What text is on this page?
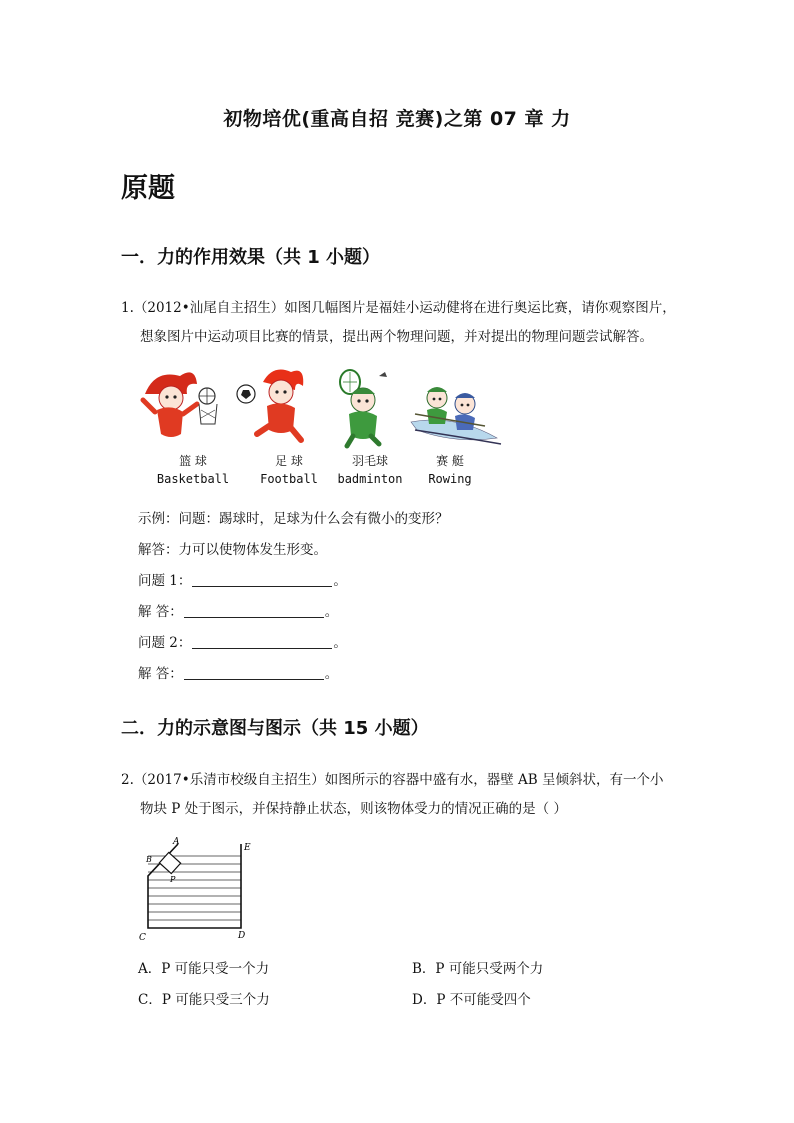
初物培优(重高自招 竞赛)之第 07 章 力
原题
一．力的作用效果（共 1 小题）
1.（2012•汕尾自主招生）如图几幅图片是福娃小运动健将在进行奥运比赛，请你观察图片，
想象图片中运动项目比赛的情景，提出两个物理问题，并对提出的物理问题尝试解答。
篮 球
Basketball
足 球
Football
羽毛球
badminton
赛 艇
Rowing
示例：问题：踢球时，足球为什么会有微小的变形？
解答：力可以使物体发生形变。
问题 1：	。
解 答：	。
问题 2：	。
解 答：	。
二．力的示意图与图示（共 15 小题）
2.（2017•乐清市校级自主招生）如图所示的容器中盛有水，器壁 AB 呈倾斜状，有一个小
物块 P 处于图示，并保持静止状态，则该物体受力的情况正确的是（ ）
A
B
P
E
C	D
A．P 可能只受一个力	B．P 可能只受两个力
C．P 可能只受三个力	D．P 不可能受四个
